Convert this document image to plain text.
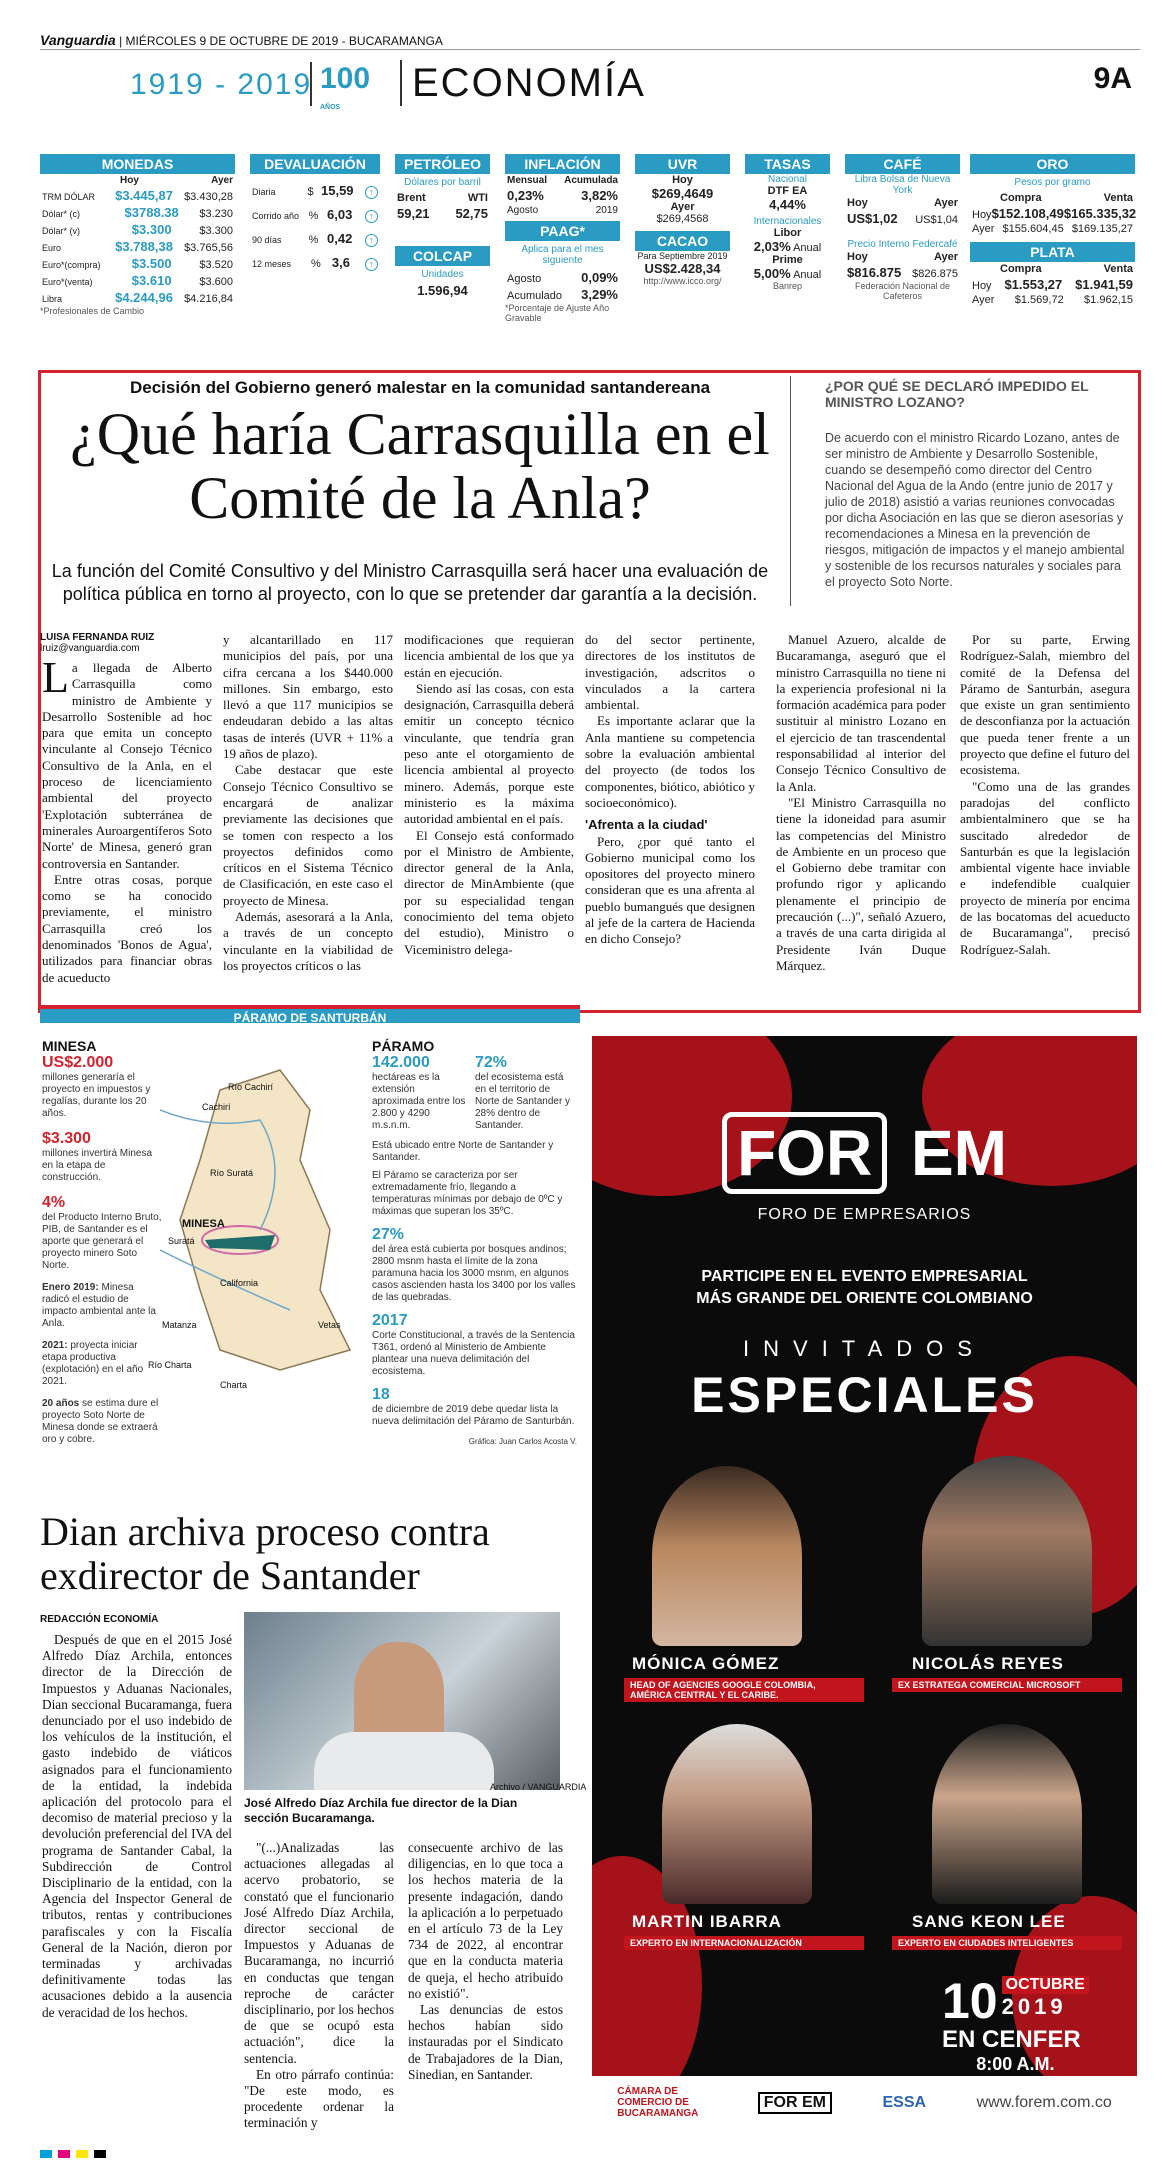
Vanguardia | MIÉRCOLES 9 DE OCTUBRE DE 2019 - BUCARAMANGA
1919 - 2019 100 AÑOS
ECONOMÍA	9A
MONEDAS
Hoy	Ayer
TRM DÓLAR	$3.445,87 $3.430,28
Dólar* (c)	$3788.38 $3.230
Dólar* (v)	$3.300	$3.300
Euro	$3.788,38 $3.765,56
Euro*(compra) $3.500	$3.520
Euro*(venta)	$3.610	$3.600
Libra	$4.244,96 $4.216,84
*Profesionales de Cambio
DEVALUACIÓN
Diaria	$ 15,59	↑
Corrido año % 6,03	↑
90 días	% 0,42	↑
12 meses	% 3,6	↑
PETRÓLEO
Dólares por barril
Brent	WTI
59,21 52,75
COLCAP
Unidades
1.596,94
INFLACIÓN
Mensual Acumulada
0,23%	3,82%
Agosto	2019
PAAG*
Aplica para el mes siguiente
Agosto	0,09%
Acumulado 3,29%
*Porcentaje de Ajuste Año Gravable
UVR
Hoy
$269,4649
Ayer
$269,4568
CACAO
Para Septiembre 2019
US$2.428,34
http://www.icco.org/
TASAS
Nacional
DTF EA
4,44%
Internacionales
Libor
2,03% Anual
Prime
5,00% Anual
Banrep
CAFÉ
Libra Bolsa de Nueva York
Hoy	Ayer
US$1,02 US$1,04
Precio Interno Federcafé
Hoy	Ayer
$816.875 $826.875
Federación Nacional de Cafeteros
ORO
Pesos por gramo
Compra	Venta
Hoy $152.108,49 $165.335,32
Ayer $155.604,45 $169.135,27
PLATA
Compra	Venta
Hoy $1.553,27 $1.941,59
Ayer $1.569,72 $1.962,15
Decisión del Gobierno generó malestar en la comunidad santandereana
¿Qué haría Carrasquilla en el Comité de la Anla?
La función del Comité Consultivo y del Ministro Carrasquilla será hacer una evaluación de política pública en torno al proyecto, con lo que se pretender dar garantía a la decisión.
¿POR QUÉ SE DECLARÓ IMPEDIDO EL MINISTRO LOZANO?
De acuerdo con el ministro Ricardo Lozano, antes de ser ministro de Ambiente y Desarrollo Sostenible, cuando se desempeñó como director del Centro Nacional del Agua de la Ando (entre junio de 2017 y julio de 2018) asistió a varias reuniones convocadas por dicha Asociación en las que se dieron asesorías y recomendaciones a Minesa en la prevención de riesgos, mitigación de impactos y el manejo ambiental y sostenible de los recursos naturales y sociales para el proyecto Soto Norte.
LUISA FERNANDA RUIZ
lruiz@vanguardia.com
La llegada de Alberto Carrasquilla como ministro de Ambiente y Desarrollo Sostenible ad hoc para que emita un concepto vinculante al Consejo Técnico Consultivo de la Anla, en el proceso de licenciamiento ambiental del proyecto 'Explotación subterránea de minerales Auroargentíferos Soto Norte' de Minesa, generó gran controversia en Santander.

Entre otras cosas, porque como se ha conocido previamente, el ministro Carrasquilla creó los denominados 'Bonos de Agua', utilizados para financiar obras de acueducto

y alcantarillado en 117 municipios del país, por una cifra cercana a los $440.000 millones. Sin embargo, esto llevó a que 117 municipios se endeudaran debido a las altas tasas de interés (UVR + 11% a 19 años de plazo).

Cabe destacar que este Consejo Técnico Consultivo se encargará de analizar previamente las decisiones que se tomen con respecto a los proyectos definidos como críticos en el Sistema Técnico de Clasificación, en este caso el proyecto de Minesa.

Además, asesorará a la Anla, a través de un concepto vinculante en la viabilidad de los proyectos críticos o las

modificaciones que requieran licencia ambiental de los que ya están en ejecución.

Siendo así las cosas, con esta designación, Carrasquilla deberá emitir un concepto técnico vinculante, que tendría gran peso ante el otorgamiento de licencia ambiental al proyecto minero. Además, porque este ministerio es la máxima autoridad ambiental en el país.

El Consejo está conformado por el Ministro de Ambiente, director general de la Anla, director de MinAmbiente (que por su especialidad tengan conocimiento del tema objeto del estudio), Ministro o Viceministro delega-

do del sector pertinente, directores de los institutos de investigación, adscritos o vinculados a la cartera ambiental.

Es importante aclarar que la Anla mantiene su competencia sobre la evaluación ambiental del proyecto (de todos los componentes, biótico, abiótico y socioeconómico).

'Afrenta a la ciudad'

Pero, ¿por qué tanto el Gobierno municipal como los opositores del proyecto minero consideran que es una afrenta al pueblo bumangués que designen al jefe de la cartera de Hacienda en dicho Consejo?

Manuel Azuero, alcalde de Bucaramanga, aseguró que el ministro Carrasquilla no tiene ni la experiencia profesional ni la formación académica para poder sustituir al ministro Lozano en el ejercicio de tan trascendental responsabilidad al interior del Consejo Técnico Consultivo de la Anla.

"El Ministro Carrasquilla no tiene la idoneidad para asumir las competencias del Ministro de Ambiente en un proceso que el Gobierno debe tramitar con profundo rigor y aplicando plenamente el principio de precaución (...)", señaló Azuero, a través de una carta dirigida al Presidente Iván Duque Márquez.

Por su parte, Erwing Rodríguez-Salah, miembro del comité de la Defensa del Páramo de Santurbán, asegura que existe un gran sentimiento de desconfianza por la actuación que pueda tener frente a un proyecto que define el futuro del ecosistema.

"Como una de las grandes paradojas del conflicto ambientalminero que se ha suscitado alrededor de Santurbán es que la legislación ambiental vigente hace inviable e indefendible cualquier proyecto de minería por encima de las bocatomas del acueducto de Bucaramanga", precisó Rodríguez-Salah.

PÁRAMO DE SANTURBÁN
Río Cachirí
Cachirí
Río Suratá
MINESA
Suratá
California
Matanza	Vetas
Río Charta
Charta
MINESA
US$2.000
millones generaría el proyecto en impuestos y regalías, durante los 20 años.
$3.300
millones invertirá Minesa en la etapa de construcción.
4%
del Producto Interno Bruto, PIB, de Santander es el aporte que generará el proyecto minero Soto Norte.
Enero 2019: Minesa radicó el estudio de impacto ambiental ante la Anla.
2021: proyecta iniciar etapa productiva (explotación) en el año 2021.
20 años se estima dure el proyecto Soto Norte de Minesa donde se extraerá oro y cobre.
PÁRAMO
142.000
hectáreas es la extensión aproximada entre los 2.800 y 4290 m.s.n.m.
72%
del ecosistema está en el territorio de Norte de Santander y 28% dentro de Santander.
Está ubicado entre Norte de Santander y Santander.
El Páramo se caracteriza por ser extremadamente frío, llegando a temperaturas mínimas por debajo de 0ºC y máximas que superan los 35ºC.
27%
del área está cubierta por bosques andinos; 2800 msnm hasta el límite de la zona paramuna hacia los 3000 msnm, en algunos casos ascienden hasta los 3400 por los valles de las quebradas.
2017
Corte Constitucional, a través de la Sentencia T361, ordenó al Ministerio de Ambiente plantear una nueva delimitación del ecosistema.
18
de diciembre de 2019 debe quedar lista la nueva delimitación del Páramo de Santurbán.
Gráfica: Juan Carlos Acosta V.
FOR EM
FORO DE EMPRESARIOS
PARTICIPE EN EL EVENTO EMPRESARIAL
MÁS GRANDE DEL ORIENTE COLOMBIANO
INVITADOS
ESPECIALES
MÓNICA GÓMEZ
HEAD OF AGENCIES GOOGLE COLOMBIA, AMÉRICA CENTRAL Y EL CARIBE.
NICOLÁS REYES
EX ESTRATEGA COMERCIAL MICROSOFT
MARTIN IBARRA
EXPERTO EN INTERNACIONALIZACIÓN
SANG KEON LEE
EXPERTO EN CIUDADES INTELIGENTES
10 OCTUBRE
2019
EN CENFER
8:00 A.M.
CÁMARA DE COMERCIO DE BUCARAMANGA
FOR EM	ESSA	www.forem.com.co
Dian archiva proceso contra exdirector de Santander
REDACCIÓN ECONOMÍA
Archivo / VANGUARDIA
José Alfredo Díaz Archila fue director de la Dian sección Bucaramanga.

Después de que en el 2015 José Alfredo Díaz Archila, entonces director de la Dirección de Impuestos y Aduanas Nacionales, Dian seccional Bucaramanga, fuera denunciado por el uso indebido de los vehículos de la institución, el gasto indebido de viáticos asignados para el funcionamiento de la entidad, la indebida aplicación del protocolo para el decomiso de material precioso y la devolución preferencial del IVA del programa de Santander Cabal, la Subdirección de Control Disciplinario de la entidad, con la Agencia del Inspector General de tributos, rentas y contribuciones parafiscales y con la Fiscalía General de la Nación, dieron por terminadas y archivadas definitivamente todas las acusaciones debido a la ausencia de veracidad de los hechos.

"(...)Analizadas las actuaciones allegadas al acervo probatorio, se constató que el funcionario José Alfredo Díaz Archila, director seccional de Impuestos y Aduanas de Bucaramanga, no incurrió en conductas que tengan reproche de carácter disciplinario, por los hechos de que se ocupó esta actuación", dice la sentencia.

En otro párrafo continúa: "De este modo, es procedente ordenar la terminación y

consecuente archivo de las diligencias, en lo que toca a los hechos materia de la presente indagación, dando la aplicación a lo perpetuado en el artículo 73 de la Ley 734 de 2022, al encontrar que en la conducta materia de queja, el hecho atribuido no existió".

Las denuncias de estos hechos habían sido instauradas por el Sindicato de Trabajadores de la Dian, Sinedian, en Santander.
